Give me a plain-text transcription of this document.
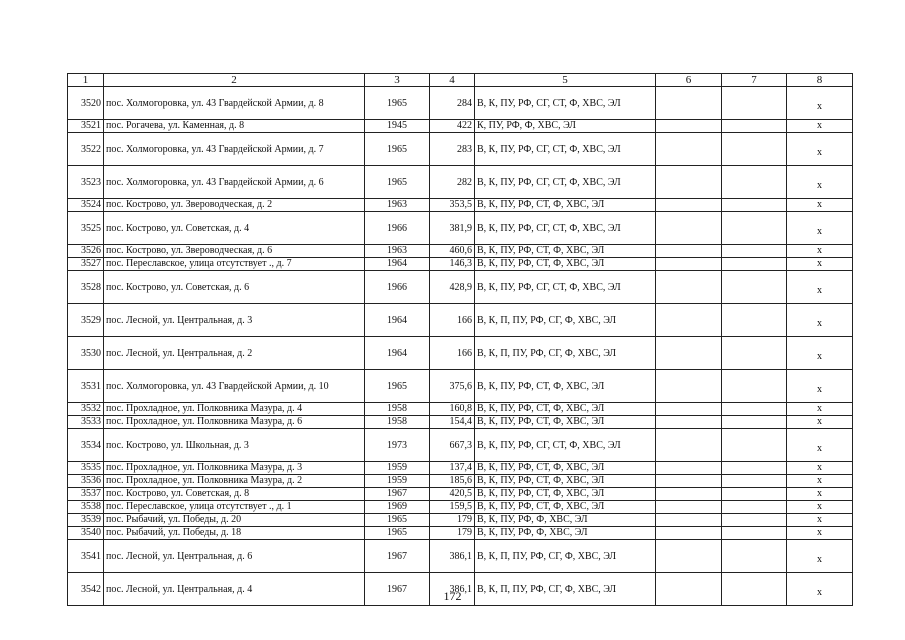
1	2	3	4	5	6	7	8
3520	пос. Холмогоровка, ул. 43 Гвардейской Армии, д. 8	1965	284	В, К, ПУ, РФ, СГ, СТ, Ф, ХВС, ЭЛ			х
3521	пос. Рогачева, ул. Каменная, д. 8	1945	422	К, ПУ, РФ, Ф, ХВС, ЭЛ			х
3522	пос. Холмогоровка, ул. 43 Гвардейской Армии, д. 7	1965	283	В, К, ПУ, РФ, СГ, СТ, Ф, ХВС, ЭЛ			х
3523	пос. Холмогоровка, ул. 43 Гвардейской Армии, д. 6	1965	282	В, К, ПУ, РФ, СГ, СТ, Ф, ХВС, ЭЛ			х
3524	пос. Кострово, ул. Звероводческая, д. 2	1963	353,5	В, К, ПУ, РФ, СТ, Ф, ХВС, ЭЛ			х
3525	пос. Кострово, ул. Советская, д. 4	1966	381,9	В, К, ПУ, РФ, СГ, СТ, Ф, ХВС, ЭЛ			х
3526	пос. Кострово, ул. Звероводческая, д. 6	1963	460,6	В, К, ПУ, РФ, СТ, Ф, ХВС, ЭЛ			х
3527	пос. Переславское, улица отсутствует ., д. 7	1964	146,3	В, К, ПУ, РФ, СТ, Ф, ХВС, ЭЛ			х
3528	пос. Кострово, ул. Советская, д. 6	1966	428,9	В, К, ПУ, РФ, СГ, СТ, Ф, ХВС, ЭЛ			х
3529	пос. Лесной, ул. Центральная, д. 3	1964	166	В, К, П, ПУ, РФ, СГ, Ф, ХВС, ЭЛ			х
3530	пос. Лесной, ул. Центральная, д. 2	1964	166	В, К, П, ПУ, РФ, СГ, Ф, ХВС, ЭЛ			х
3531	пос. Холмогоровка, ул. 43 Гвардейской Армии, д. 10	1965	375,6	В, К, ПУ, РФ, СТ, Ф, ХВС, ЭЛ			х
3532	пос. Прохладное, ул. Полковника Мазура, д. 4	1958	160,8	В, К, ПУ, РФ, СТ, Ф, ХВС, ЭЛ			х
3533	пос. Прохладное, ул. Полковника Мазура, д. 6	1958	154,4	В, К, ПУ, РФ, СТ, Ф, ХВС, ЭЛ			х
3534	пос. Кострово, ул. Школьная, д. 3	1973	667,3	В, К, ПУ, РФ, СГ, СТ, Ф, ХВС, ЭЛ			х
3535	пос. Прохладное, ул. Полковника Мазура, д. 3	1959	137,4	В, К, ПУ, РФ, СТ, Ф, ХВС, ЭЛ			х
3536	пос. Прохладное, ул. Полковника Мазура, д. 2	1959	185,6	В, К, ПУ, РФ, СТ, Ф, ХВС, ЭЛ			х
3537	пос. Кострово, ул. Советская, д. 8	1967	420,5	В, К, ПУ, РФ, СТ, Ф, ХВС, ЭЛ			х
3538	пос. Переславское, улица отсутствует ., д. 1	1969	159,5	В, К, ПУ, РФ, СТ, Ф, ХВС, ЭЛ			х
3539	пос. Рыбачий, ул. Победы, д. 20	1965	179	В, К, ПУ, РФ, Ф, ХВС, ЭЛ			х
3540	пос. Рыбачий, ул. Победы, д. 18	1965	179	В, К, ПУ, РФ, Ф, ХВС, ЭЛ			х
3541	пос. Лесной, ул. Центральная, д. 6	1967	386,1	В, К, П, ПУ, РФ, СГ, Ф, ХВС, ЭЛ			х
3542	пос. Лесной, ул. Центральная, д. 4	1967	386,1	В, К, П, ПУ, РФ, СГ, Ф, ХВС, ЭЛ			х
172
